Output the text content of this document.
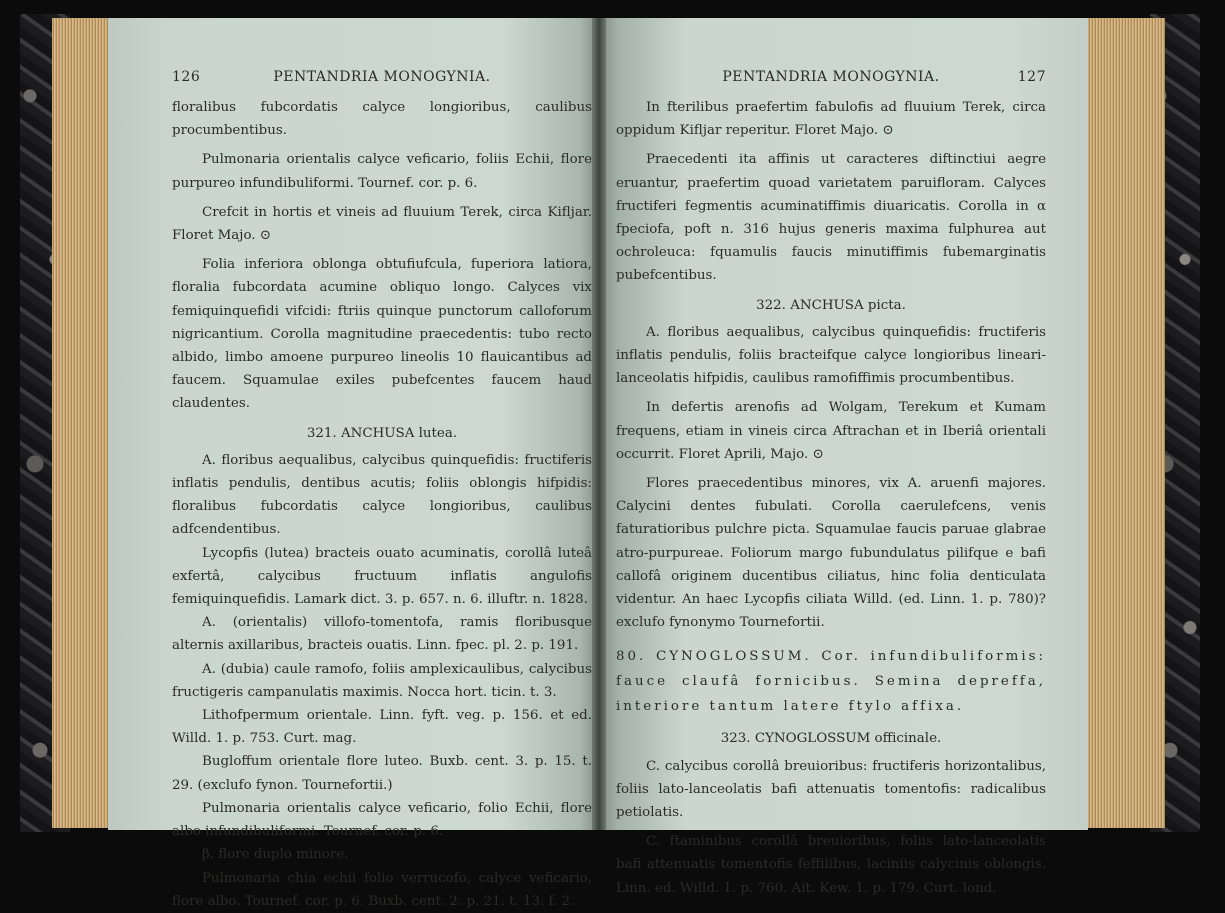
126	PENTANDRIA MONOGYNIA.

floralibus fubcordatis calyce longioribus, caulibus procumbentibus.

Pulmonaria orientalis calyce veficario, foliis Echii, flore purpureo infundibuliformi. Tournef. cor. p. 6.

Crefcit in hortis et vineis ad fluuium Terek, circa Kifljar. Floret Majo. ⊙

Folia inferiora oblonga obtufiufcula, fuperiora latiora, floralia fubcordata acumine obliquo longo. Calyces vix femiquinquefidi vifcidi: ftriis quinque punctorum calloforum nigricantium. Corolla magnitudine praecedentis: tubo recto albido, limbo amoene purpureo lineolis 10 flauicantibus ad faucem. Squamulae exiles pubefcentes faucem haud claudentes.

321. ANCHUSA lutea.

A. floribus aequalibus, calycibus quinquefidis: fructiferis inflatis pendulis, dentibus acutis; foliis oblongis hifpidis: floralibus fubcordatis calyce longioribus, caulibus adfcendentibus.

Lycopfis (lutea) bracteis ouato acuminatis, corollâ luteâ exfertâ, calycibus fructuum inflatis angulofis femiquinquefidis. Lamark dict. 3. p. 657. n. 6. illuftr. n. 1828.

A. (orientalis) villofo-tomentofa, ramis floribusque alternis axillaribus, bracteis ouatis. Linn. fpec. pl. 2. p. 191.

A. (dubia) caule ramofo, foliis amplexicaulibus, calycibus fructigeris campanulatis maximis. Nocca hort. ticin. t. 3.

Lithofpermum orientale. Linn. fyft. veg. p. 156. et ed. Willd. 1. p. 753. Curt. mag.

Bugloffum orientale flore luteo. Buxb. cent. 3. p. 15. t. 29. (exclufo fynon. Tournefortii.)

Pulmonaria orientalis calyce veficario, folio Echii, flore albo infundibuliformi. Tournef. cor. p. 6.

β. flore duplo minore.

Pulmonaria chia echii folio verrucofo, calyce veficario, flore albo. Tournef. cor. p. 6. Buxb. cent. 2. p. 21. t. 13. f. 2.

PENTANDRIA MONOGYNIA.	127

In fterilibus praefertim fabulofis ad fluuium Terek, circa oppidum Kifljar reperitur. Floret Majo. ⊙

Praecedenti ita affinis ut caracteres diftinctiui aegre eruantur, praefertim quoad varietatem paruifloram. Calyces fructiferi fegmentis acuminatiffimis diuaricatis. Corolla in α fpeciofa, poft n. 316 hujus generis maxima fulphurea aut ochroleuca: fquamulis faucis minutiffimis fubemarginatis pubefcentibus.

322. ANCHUSA picta.

A. floribus aequalibus, calycibus quinquefidis: fructiferis inflatis pendulis, foliis bracteifque calyce longioribus lineari-lanceolatis hifpidis, caulibus ramofiffimis procumbentibus.

In defertis arenofis ad Wolgam, Terekum et Kumam frequens, etiam in vineis circa Aftrachan et in Iberiâ orientali occurrit. Floret Aprili, Majo. ⊙

Flores praecedentibus minores, vix A. aruenfi majores. Calycini dentes fubulati. Corolla caerulefcens, venis faturatioribus pulchre picta. Squamulae faucis paruae glabrae atro-purpureae. Foliorum margo fubundulatus pilifque e bafi callofâ originem ducentibus ciliatus, hinc folia denticulata videntur. An haec Lycopfis ciliata Willd. (ed. Linn. 1. p. 780)? exclufo fynonymo Tournefortii.

80. CYNOGLOSSUM. Cor. infundibuliformis: fauce claufâ fornicibus. Semina depreffa, interiore tantum latere ftylo affixa.

323. CYNOGLOSSUM officinale.

C. calycibus corollâ breuioribus: fructiferis horizontalibus, foliis lato-lanceolatis bafi attenuatis tomentofis: radicalibus petiolatis.

C. ftaminibus corollâ breuioribus, foliis lato-lanceolatis bafi attenuatis tomentofis feffilibus, laciniis calycinis oblongis. Linn. ed. Willd. 1. p. 760. Ait. Kew. 1. p. 179. Curt. lond.
